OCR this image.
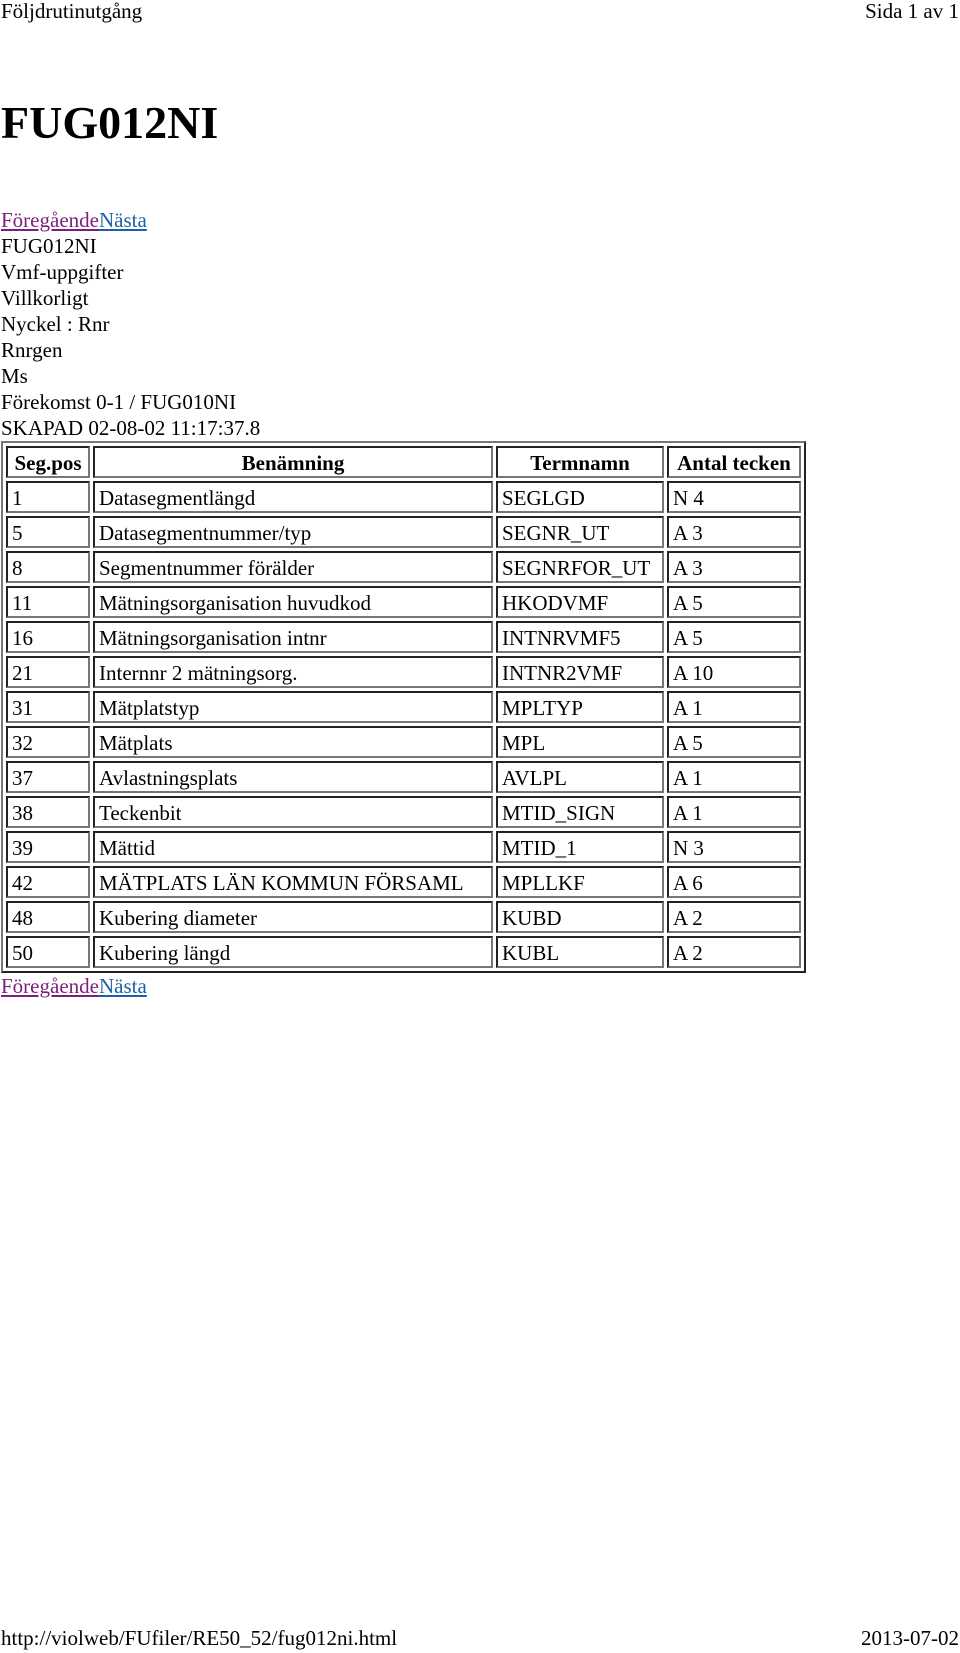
Följdrutinutgång	Sida 1 av 1
FUG012NI
FöregåendeNästa
FUG012NI
Vmf-uppgifter
Villkorligt
Nyckel : Rnr
Rnrgen
Ms
Förekomst 0-1 / FUG010NI
SKAPAD 02-08-02 11:17:37.8
Seg.pos	Benämning	Termnamn	Antal tecken
1	Datasegmentlängd	SEGLGD	N 4
5	Datasegmentnummer/typ	SEGNR_UT	A 3
8	Segmentnummer förälder	SEGNRFOR_UT	A 3
11	Mätningsorganisation huvudkod	HKODVMF	A 5
16	Mätningsorganisation intnr	INTNRVMF5	A 5
21	Internnr 2 mätningsorg.	INTNR2VMF	A 10
31	Mätplatstyp	MPLTYP	A 1
32	Mätplats	MPL	A 5
37	Avlastningsplats	AVLPL	A 1
38	Teckenbit	MTID_SIGN	A 1
39	Mättid	MTID_1	N 3
42	MÄTPLATS LÄN KOMMUN FÖRSAML	MPLLKF	A 6
48	Kubering diameter	KUBD	A 2
50	Kubering längd	KUBL	A 2
FöregåendeNästa
http://violweb/FUfiler/RE50_52/fug012ni.html	2013-07-02
